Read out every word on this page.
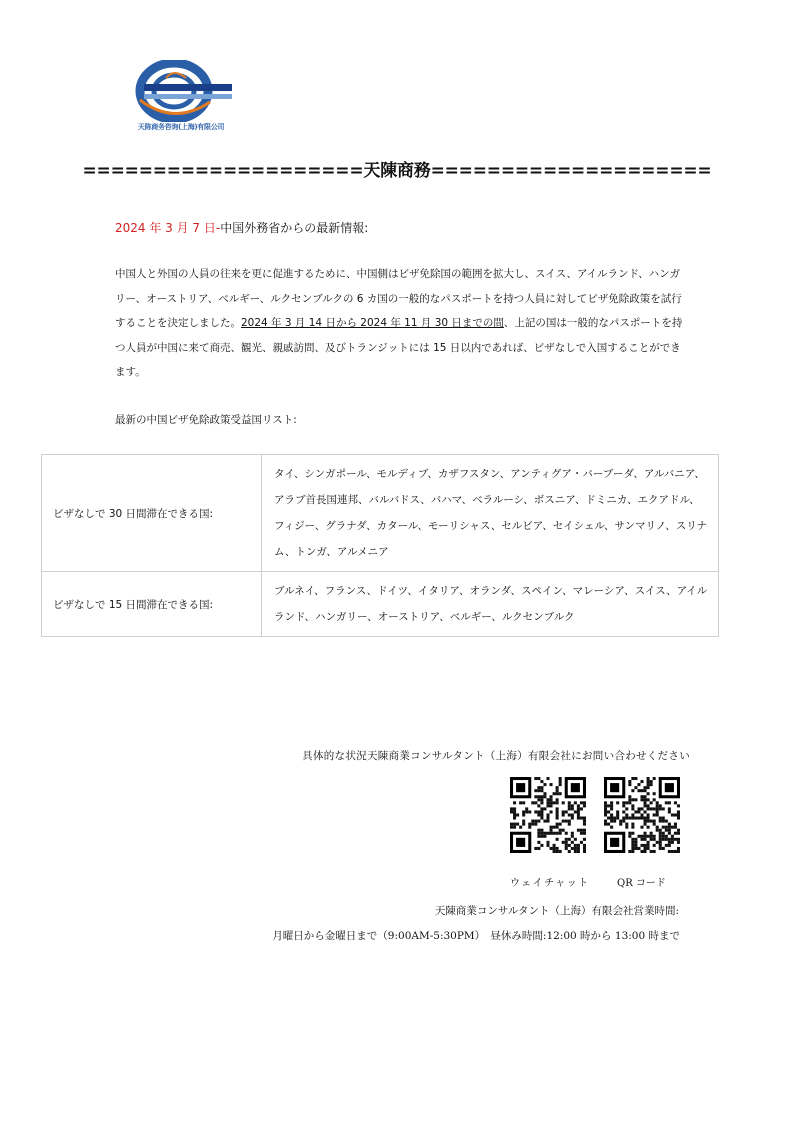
天陈商务咨询(上海)有限公司
====================天陳商務====================
2024 年 3 月 7 日-中国外務省からの最新情報:
中国人と外国の人員の往来を更に促進するために、中国側はビザ免除国の範囲を拡大し、スイス、アイルランド、ハンガリー、オーストリア、ベルギー、ルクセンブルクの 6 カ国の一般的なパスポートを持つ人員に対してビザ免除政策を試行することを決定しました。2024 年 3 月 14 日から 2024 年 11 月 30 日までの間、上記の国は一般的なパスポートを持つ人員が中国に来て商売、観光、親戚訪問、及びトランジットには 15 日以内であれば、ビザなしで入国することができます。
最新の中国ビザ免除政策受益国リスト:
ビザなしで 30 日間滞在できる国:	タイ、シンガポール、モルディブ、カザフスタン、アンティグア・バーブーダ、アルバニア、アラブ首長国連邦、バルバドス、バハマ、ベラルーシ、ボスニア、ドミニカ、エクアドル、フィジー、グラナダ、カタール、モーリシャス、セルビア、セイシェル、サンマリノ、スリナム、トンガ、アルメニア
ビザなしで 15 日間滞在できる国:	ブルネイ、フランス、ドイツ、イタリア、オランダ、スペイン、マレーシア、スイス、アイルランド、ハンガリー、オーストリア、ベルギー、ルクセンブルク
具体的な状況天陳商業コンサルタント（上海）有限会社にお問い合わせください
ウェイチャット	QR コード
天陳商業コンサルタント（上海）有限会社営業時間:
月曜日から金曜日まで（9:00AM-5:30PM）　昼休み時間:12:00 時から 13:00 時まで
